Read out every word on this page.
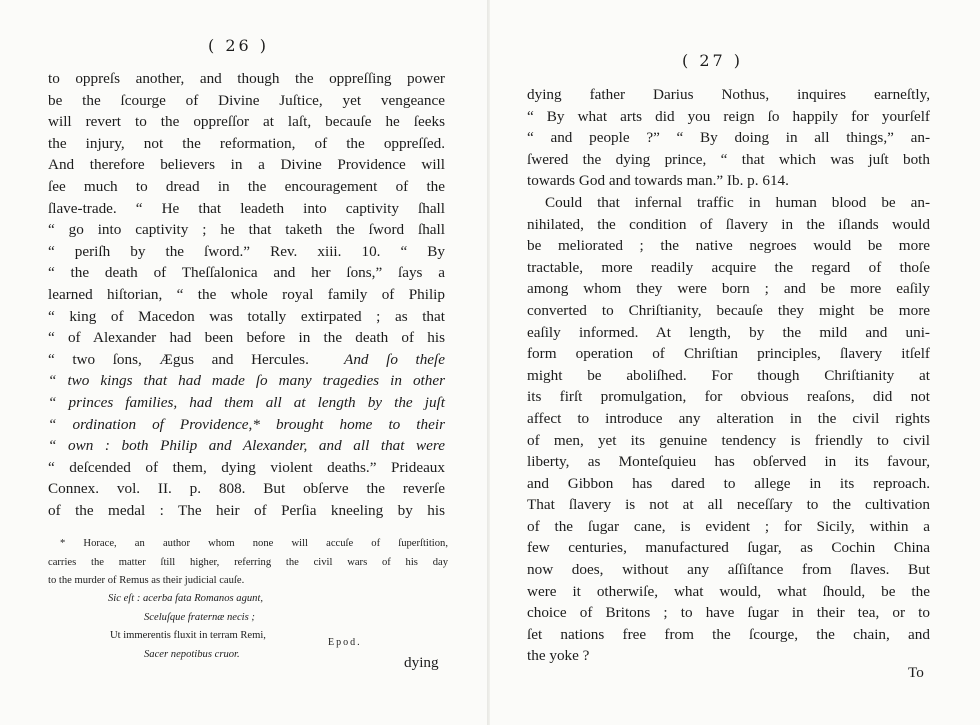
( 26 )
to oppreſs another, and though the oppreſſing power
be the ſcourge of Divine Juſtice, yet vengeance
will revert to the oppreſſor at laſt, becauſe he ſeeks
the injury, not the reformation, of the oppreſſed.
And therefore believers in a Divine Providence will
ſee much to dread in the encouragement of the
ſlave-trade. “ He that leadeth into captivity ſhall
“ go into captivity ; he that taketh the ſword ſhall
“ periſh by the ſword.” Rev. xiii. 10. “ By
“ the death of Theſſalonica and her ſons,” ſays a
learned hiſtorian, “ the whole royal family of Philip
“ king of Macedon was totally extirpated ; as that
“ of Alexander had been before in the death of his
“ two ſons, Ægus and Hercules. And ſo theſe
“ two kings that had made ſo many tragedies in other
“ princes families, had them all at length by the juſt
“ ordination of Providence,* brought home to their
“ own : both Philip and Alexander, and all that were
“ deſcended of them, dying violent deaths.” Prideaux
Connex. vol. II. p. 808. But obſerve the reverſe
of the medal : The heir of Perſia kneeling by his
* Horace, an author whom none will accuſe of ſuperſtition,
carries the matter ſtill higher, referring the civil wars of his day
to the murder of Remus as their judicial cauſe.
Sic eſt : acerba fata Romanos agunt,
Sceluſque fraternæ necis ;
Ut immerentis fluxit in terram Remi,
Sacer nepotibus cruor.
Epod.
dying
( 27 )
dying father Darius Nothus, inquires earneſtly,
“ By what arts did you reign ſo happily for yourſelf
“ and people ?” “ By doing in all things,” an-
ſwered the dying prince, “ that which was juſt both
towards God and towards man.” Ib. p. 614.
Could that infernal traffic in human blood be an-
nihilated, the condition of ſlavery in the iſlands would
be meliorated ; the native negroes would be more
tractable, more readily acquire the regard of thoſe
among whom they were born ; and be more eaſily
converted to Chriſtianity, becauſe they might be more
eaſily informed. At length, by the mild and uni-
form operation of Chriſtian principles, ſlavery itſelf
might be aboliſhed. For though Chriſtianity at
its firſt promulgation, for obvious reaſons, did not
affect to introduce any alteration in the civil rights
of men, yet its genuine tendency is friendly to civil
liberty, as Monteſquieu has obſerved in its favour,
and Gibbon has dared to allege in its reproach.
That ſlavery is not at all neceſſary to the cultivation
of the ſugar cane, is evident ; for Sicily, within a
few centuries, manufactured ſugar, as Cochin China
now does, without any aſſiſtance from ſlaves. But
were it otherwiſe, what would, what ſhould, be the
choice of Britons ; to have ſugar in their tea, or to
ſet nations free from the ſcourge, the chain, and
the yoke ?
To
